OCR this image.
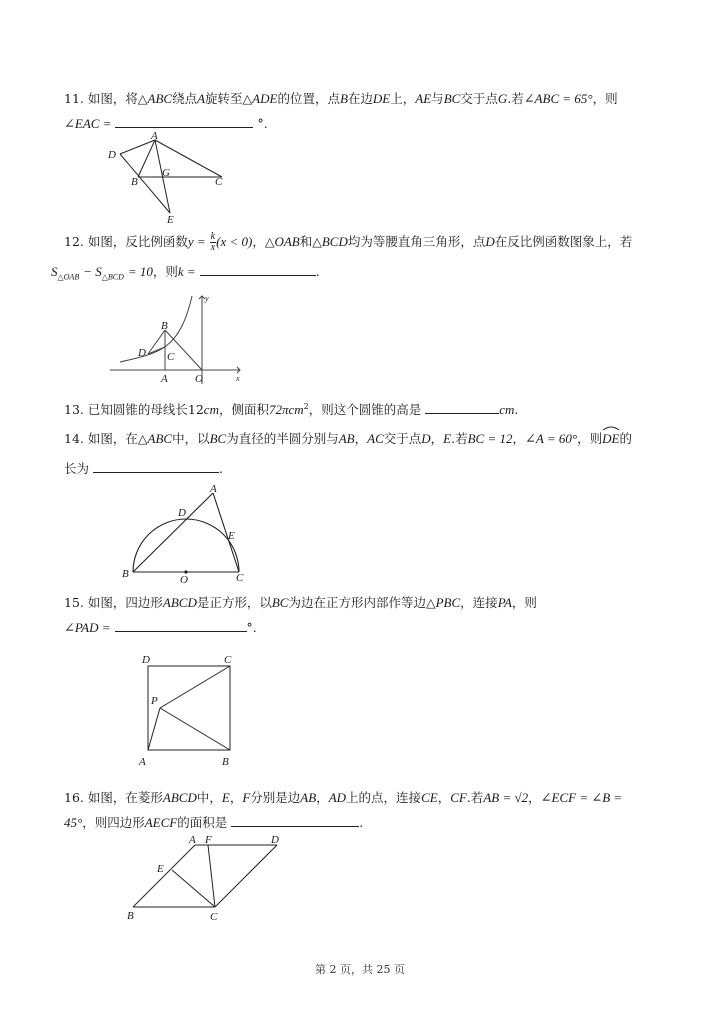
11. 如图，将△ABC绕点A旋转至△ADE的位置，点B在边DE上，AE与BC交于点G.若∠ABC = 65°，则
∠EAC =	°.
A
D
B
G
C
E
12. 如图，反比例函数$y = \frac{k}{x} (x < 0)$，△OAB和△BCD均为等腰直角三角形，点D在反比例函数图象上，若
$S_{\triangle OAB} - S_{\triangle BCD} = 10$，则k =	.
B
D C
A O
y
x
13. 已知圆锥的母线长12cm，侧面积72πcm$^2$，则这个圆锥的高是	cm.
14. 如图，在△ABC中，以BC为直径的半圆分别与AB，AC交于点D，E.若BC = 12，∠A = 60°，则DE
的
长为	.
A
D
E
B	O	C
15. 如图，四边形ABCD是正方形，以BC为边在正方形内部作等边△PBC，连接PA，则
∠PAD =	°.
D	C
P
A	B
16. 如图，在菱形ABCD中，E，F分别是边AB，AD上的点，连接CE，CF.若AB = √2，∠ECF = ∠B =
45°，则四边形AECF的面积是	.
A F	D
E
B	C
第 2 页，共 25 页
